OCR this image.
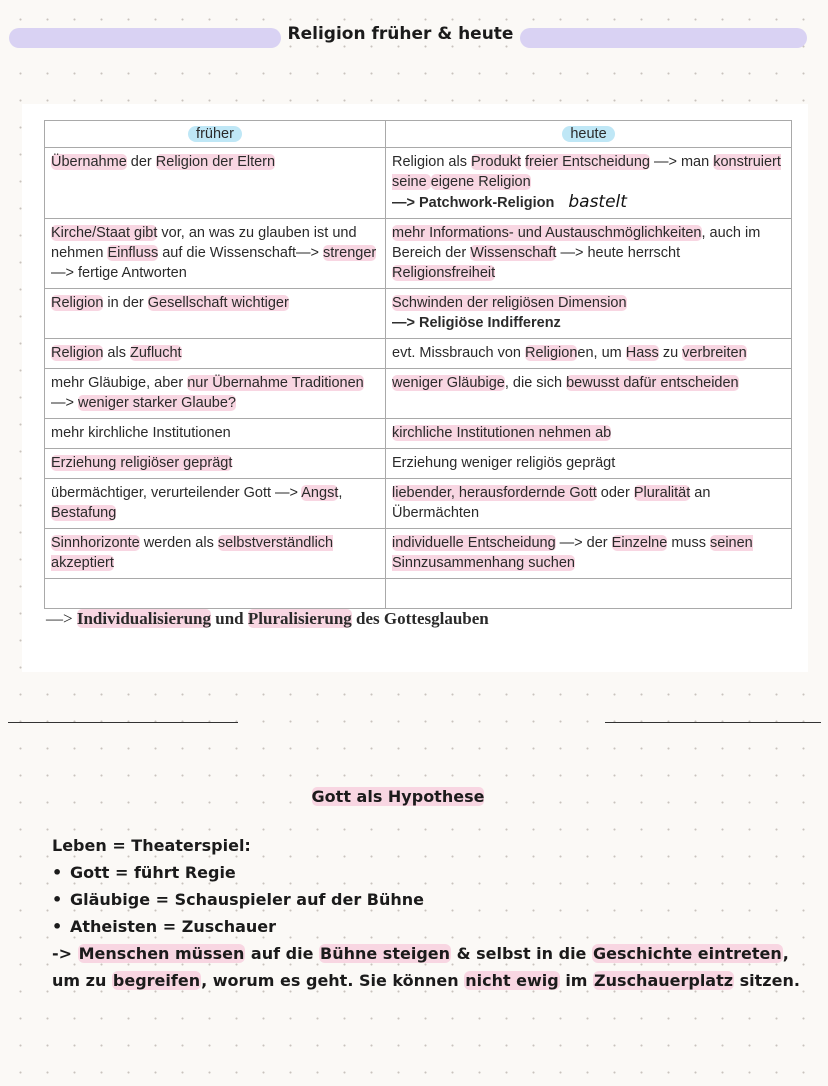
Religion früher & heute
früher	heute
Übernahme der Religion der Eltern	Religion als Produkt freier Entscheidung —> man konstruiert seine eigene Religion
—> Patchwork-Religion bastelt
Kirche/Staat gibt vor, an was zu glauben ist und nehmen Einfluss auf die Wissenschaft—> strenger —> fertige Antworten	mehr Informations- und Austauschmöglichkeiten, auch im Bereich der Wissenschaft —> heute herrscht Religionsfreiheit
Religion in der Gesellschaft wichtiger	Schwinden der religiösen Dimension
—> Religiöse Indifferenz
Religion als Zuflucht	evt. Missbrauch von Religionen, um Hass zu verbreiten
mehr Gläubige, aber nur Übernahme Traditionen —> weniger starker Glaube?	weniger Gläubige, die sich bewusst dafür entscheiden
mehr kirchliche Institutionen	kirchliche Institutionen nehmen ab
Erziehung religiöser geprägt	Erziehung weniger religiös geprägt
übermächtiger, verurteilender Gott —> Angst, Bestafung	liebender, herausfordernde Gott oder Pluralität an Übermächten
Sinnhorizonte werden als selbstverständlich akzeptiert	individuelle Entscheidung —> der Einzelne muss seinen Sinnzusammenhang suchen

—> Individualisierung und Pluralisierung des Gottesglauben
Gott als Hypothese
Leben = Theaterspiel:
• Gott = führt Regie
• Gläubige = Schauspieler auf der Bühne
• Atheisten = Zuschauer
-> Menschen müssen auf die Bühne steigen & selbst in die Geschichte eintreten,
um zu begreifen, worum es geht. Sie können nicht ewig im Zuschauerplatz sitzen.
